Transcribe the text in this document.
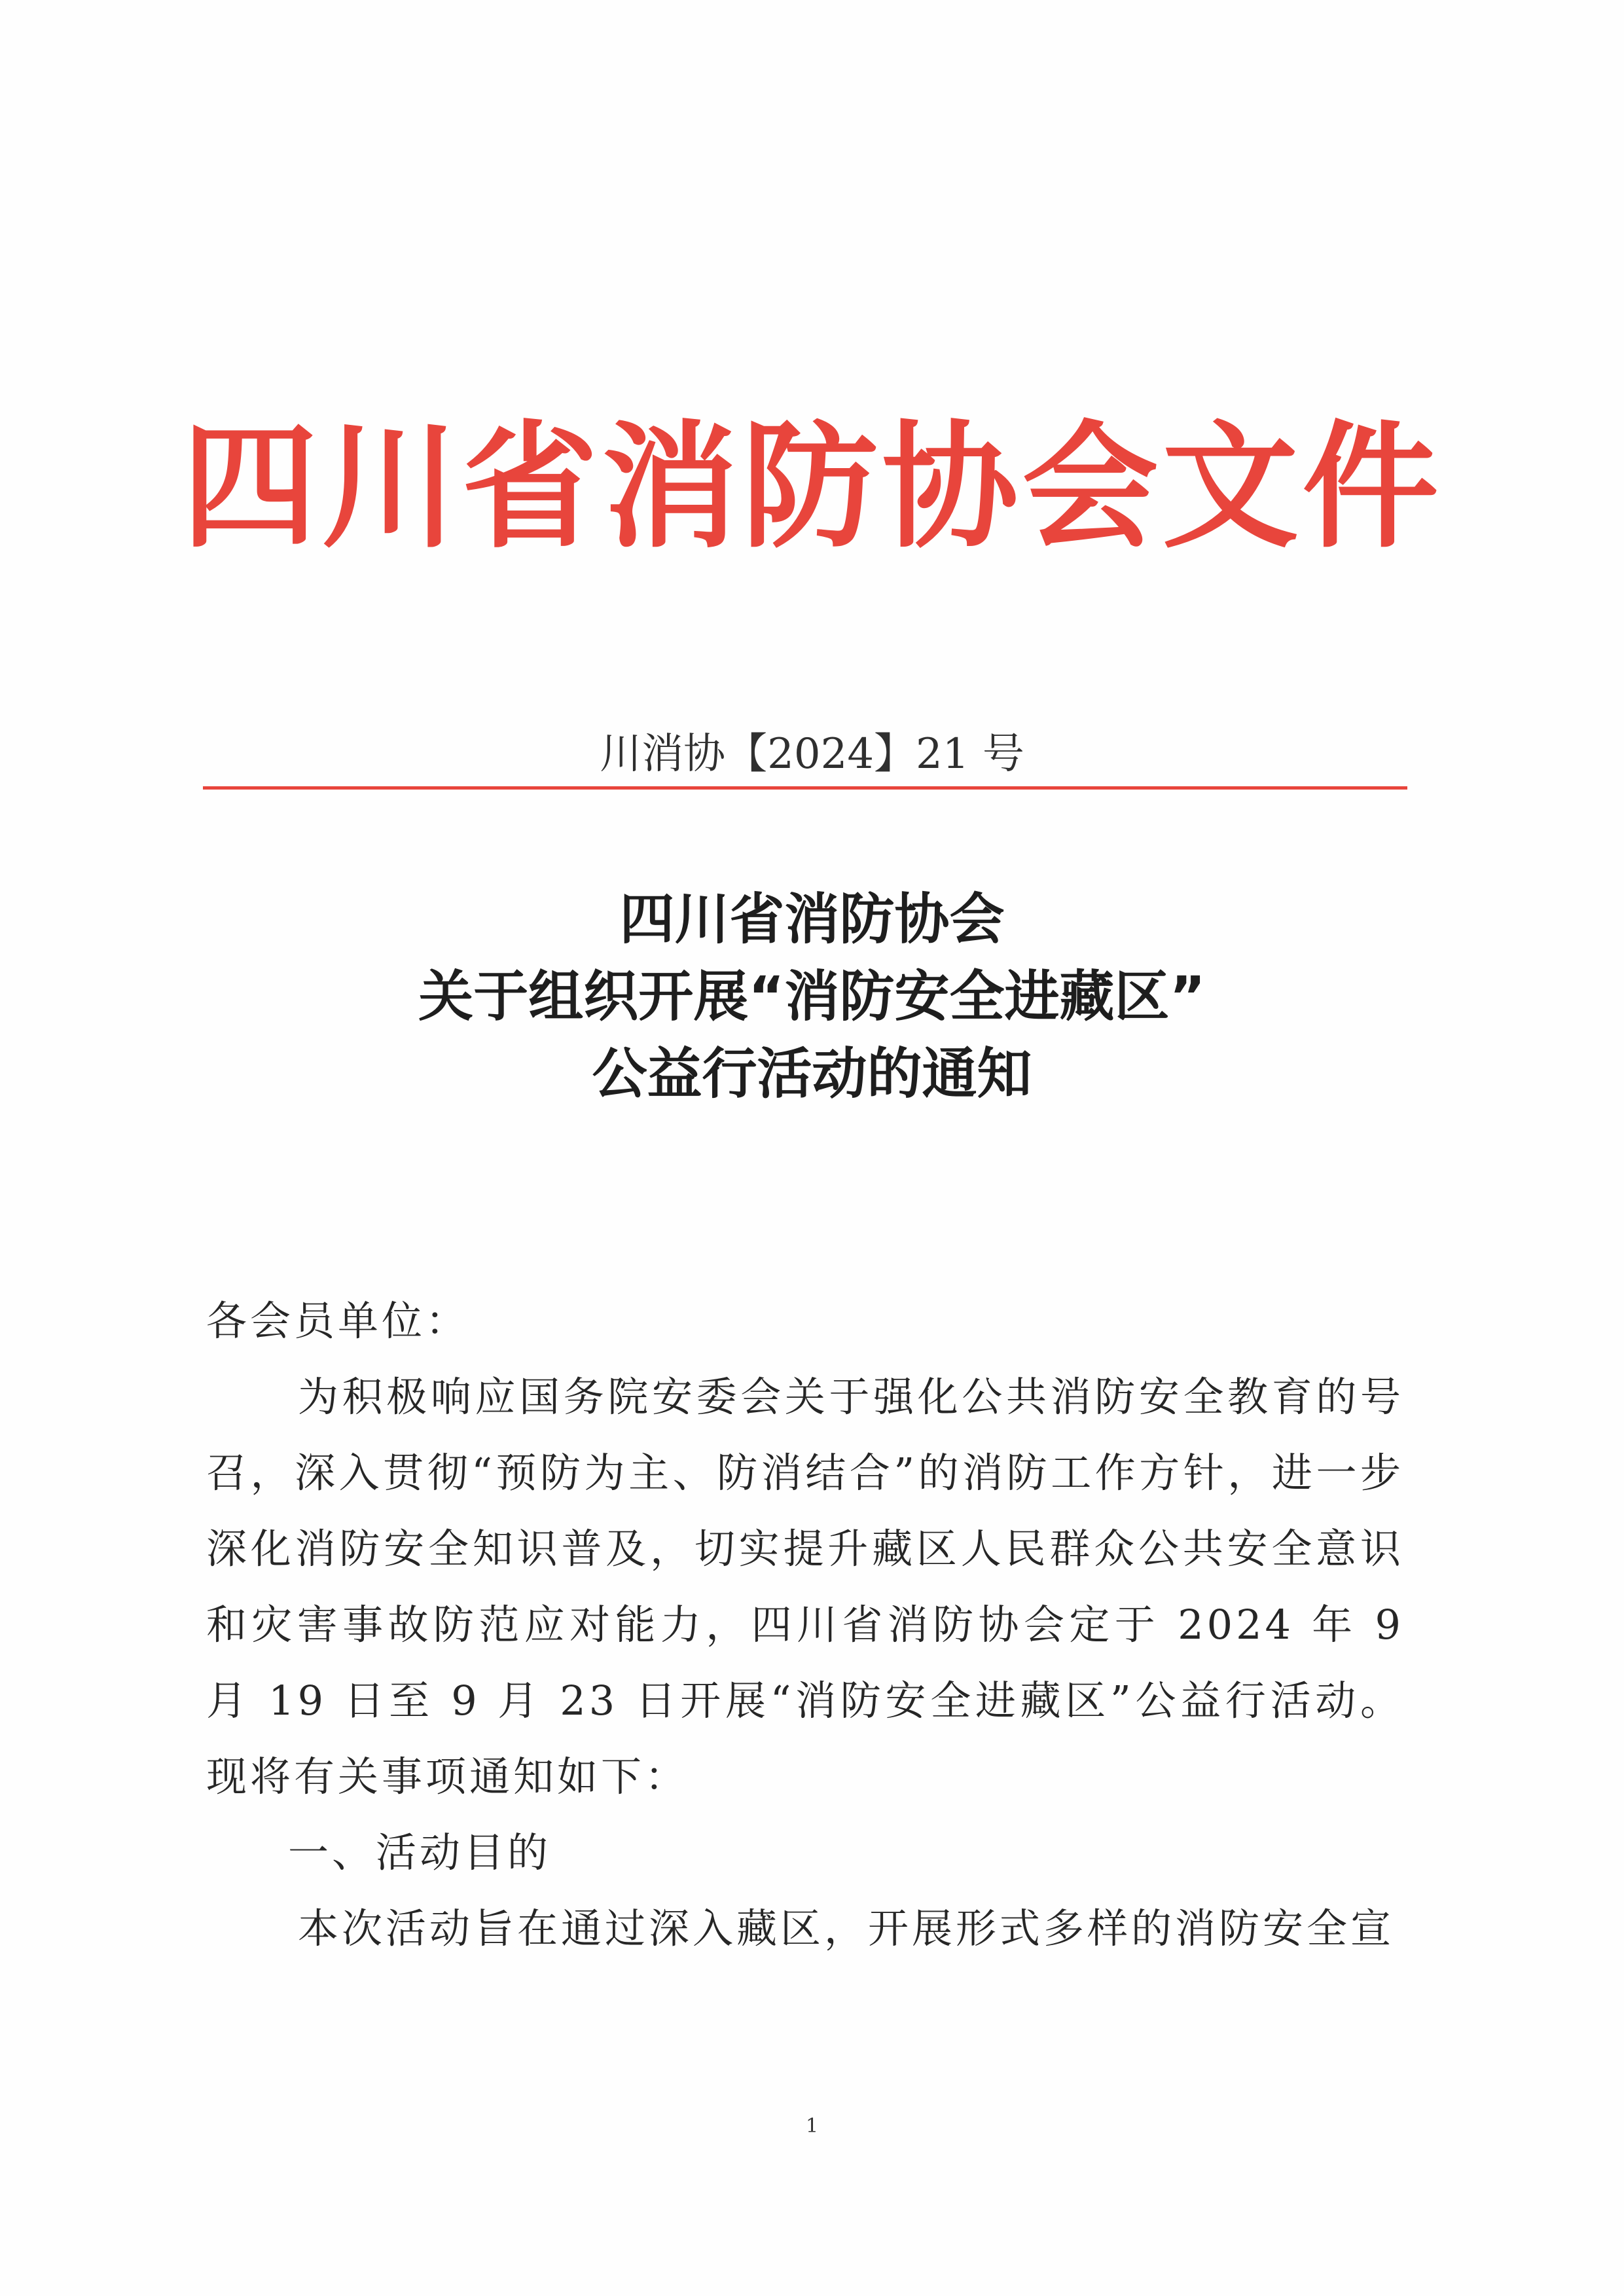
四川省消防协会文件
川消协【2024】21 号
四川省消防协会
关于组织开展“消防安全进藏区”
公益行活动的通知
各会员单位：
为积极响应国务院安委会关于强化公共消防安全教育的号召，深入贯彻“预防为主、防消结合”的消防工作方针，进一步深化消防安全知识普及，切实提升藏区人民群众公共安全意识和灾害事故防范应对能力，四川省消防协会定于 2024 年 9 月 19 日至 9 月 23 日开展“消防安全进藏区”公益行活动。现将有关事项通知如下：
一、活动目的
本次活动旨在通过深入藏区，开展形式多样的消防安全宣
1
